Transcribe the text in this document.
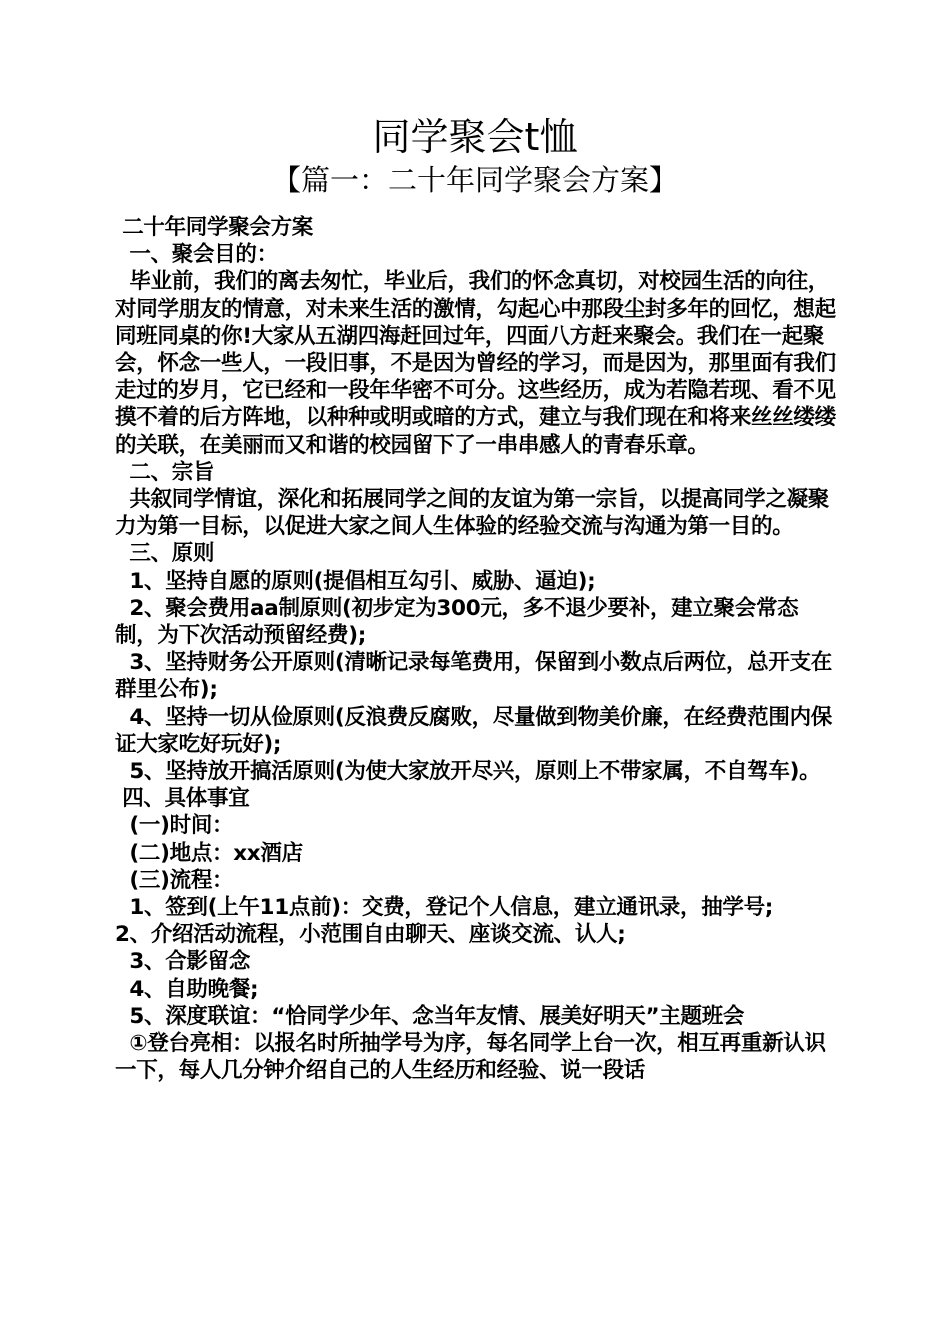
同学聚会t恤
【篇一：二十年同学聚会方案】

二十年同学聚会方案

一、聚会目的：

毕业前，我们的离去匆忙，毕业后，我们的怀念真切，对校园生活的向往，对同学朋友的情意，对未来生活的激情，勾起心中那段尘封多年的回忆，想起同班同桌的你!大家从五湖四海赶回过年，四面八方赶来聚会。我们在一起聚会，怀念一些人，一段旧事，不是因为曾经的学习，而是因为，那里面有我们走过的岁月，它已经和一段年华密不可分。这些经历，成为若隐若现、看不见摸不着的后方阵地，以种种或明或暗的方式，建立与我们现在和将来丝丝缕缕的关联，在美丽而又和谐的校园留下了一串串感人的青春乐章。

二、宗旨

共叙同学情谊，深化和拓展同学之间的友谊为第一宗旨，以提高同学之凝聚力为第一目标，以促进大家之间人生体验的经验交流与沟通为第一目的。

三、原则

1、坚持自愿的原则(提倡相互勾引、威胁、逼迫);

2、聚会费用aa制原则(初步定为300元，多不退少要补，建立聚会常态制，为下次活动预留经费);

3、坚持财务公开原则(清晰记录每笔费用，保留到小数点后两位，总开支在群里公布);

4、坚持一切从俭原则(反浪费反腐败，尽量做到物美价廉，在经费范围内保证大家吃好玩好);

5、坚持放开搞活原则(为使大家放开尽兴，原则上不带家属，不自驾车)。

四、具体事宜

(一)时间：

(二)地点：xx酒店

(三)流程：

1、签到(上午11点前)：交费，登记个人信息，建立通讯录，抽学号;

2、介绍活动流程，小范围自由聊天、座谈交流、认人;

3、合影留念

4、自助晚餐;

5、深度联谊：“恰同学少年、念当年友情、展美好明天”主题班会

①登台亮相：以报名时所抽学号为序，每名同学上台一次，相互再重新认识一下，每人几分钟介绍自己的人生经历和经验、说一段话
